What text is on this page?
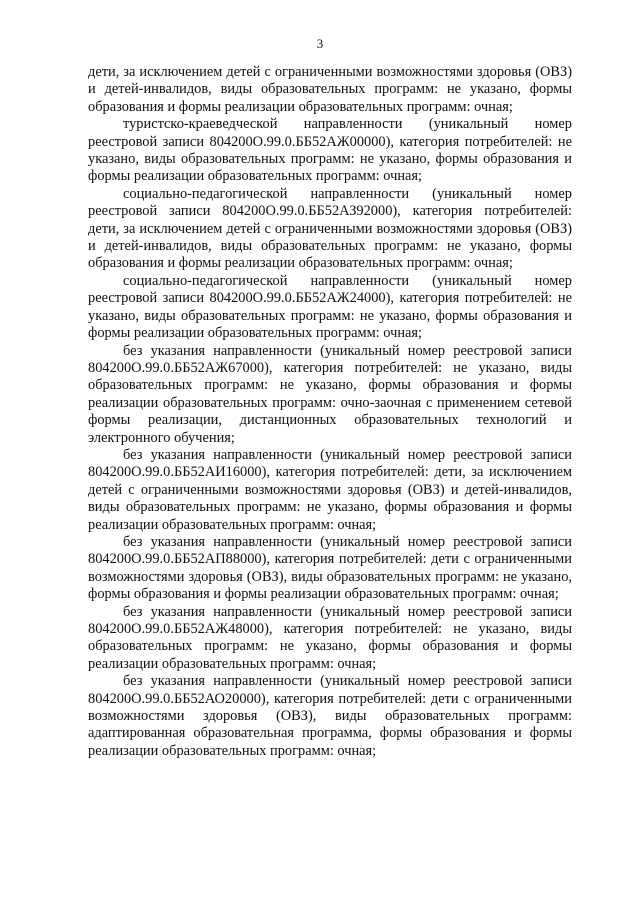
3

дети, за исключением детей с ограниченными возможностями здоровья (ОВЗ) и детей-инвалидов, виды образовательных программ: не указано, формы образования и формы реализации образовательных программ: очная;

туристско-краеведческой направленности (уникальный номер реестровой записи 804200О.99.0.ББ52АЖ00000), категория потребителей: не указано, виды образовательных программ: не указано, формы образования и формы реализации образовательных программ: очная;

социально-педагогической направленности (уникальный номер реестровой записи 804200О.99.0.ББ52АЗ92000), категория потребителей: дети, за исключением детей с ограниченными возможностями здоровья (ОВЗ) и детей-инвалидов, виды образовательных программ: не указано, формы образования и формы реализации образовательных программ: очная;

социально-педагогической направленности (уникальный номер реестровой записи 804200О.99.0.ББ52АЖ24000), категория потребителей: не указано, виды образовательных программ: не указано, формы образования и формы реализации образовательных программ: очная;

без указания направленности (уникальный номер реестровой записи 804200О.99.0.ББ52АЖ67000), категория потребителей: не указано, виды образовательных программ: не указано, формы образования и формы реализации образовательных программ: очно-заочная с применением сетевой формы реализации, дистанционных образовательных технологий и электронного обучения;

без указания направленности (уникальный номер реестровой записи 804200О.99.0.ББ52АИ16000), категория потребителей: дети, за исключением детей с ограниченными возможностями здоровья (ОВЗ) и детей-инвалидов, виды образовательных программ: не указано, формы образования и формы реализации образовательных программ: очная;

без указания направленности (уникальный номер реестровой записи 804200О.99.0.ББ52АП88000), категория потребителей: дети с ограниченными возможностями здоровья (ОВЗ), виды образовательных программ: не указано, формы образования и формы реализации образовательных программ: очная;

без указания направленности (уникальный номер реестровой записи 804200О.99.0.ББ52АЖ48000), категория потребителей: не указано, виды образовательных программ: не указано, формы образования и формы реализации образовательных программ: очная;

без указания направленности (уникальный номер реестровой записи 804200О.99.0.ББ52АО20000), категория потребителей: дети с ограниченными возможностями здоровья (ОВЗ), виды образовательных программ: адаптированная образовательная программа, формы образования и формы реализации образовательных программ: очная;
